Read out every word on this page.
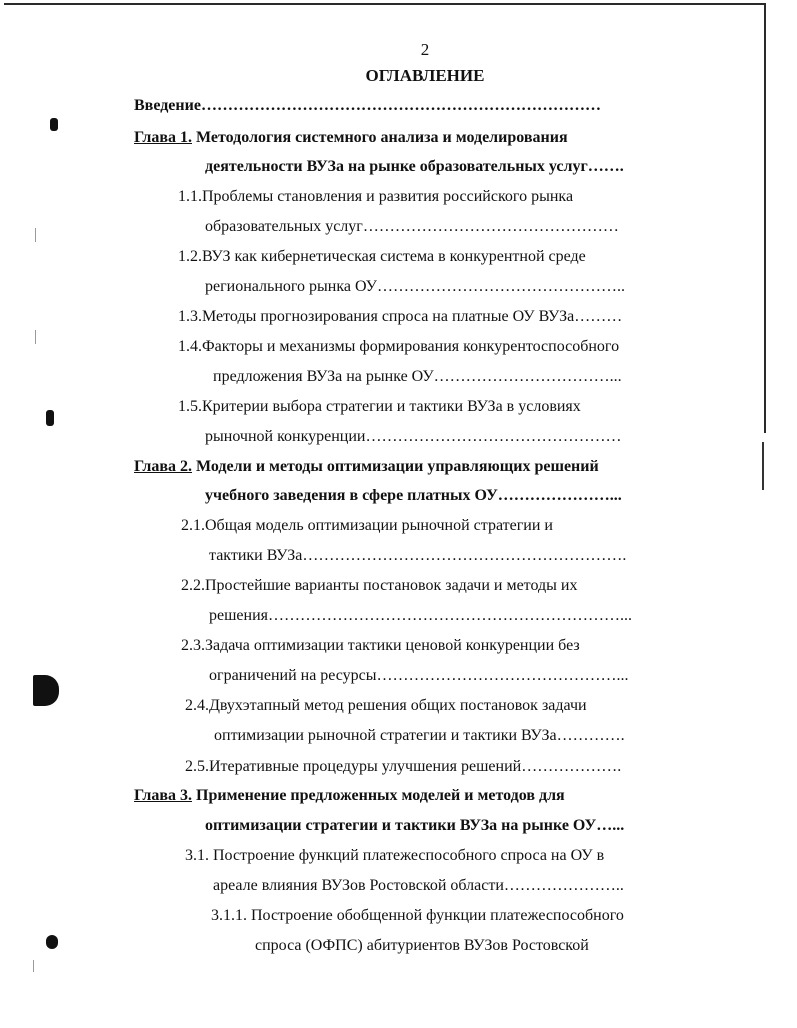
2
ОГЛАВЛЕНИЕ
Введение…………………………………………………………………
Глава 1. Методология системного анализа и моделирования
деятельности ВУЗа на рынке образовательных услуг…….
1.1.Проблемы становления и развития российского рынка
образовательных услуг…………………………………………
1.2.ВУЗ как кибернетическая система в конкурентной среде
регионального рынка ОУ………………………………………..
1.3.Методы прогнозирования спроса на платные ОУ ВУЗа………
1.4.Факторы и механизмы формирования конкурентоспособного
предложения ВУЗа на рынке ОУ……………………………...
1.5.Критерии выбора стратегии и тактики ВУЗа в условиях
рыночной конкуренции…………………………………………
Глава 2. Модели и методы оптимизации управляющих решений
учебного заведения в сфере платных ОУ…………………...
2.1.Общая модель оптимизации рыночной стратегии и
тактики ВУЗа…………………………………………………….
2.2.Простейшие варианты постановок задачи и методы их
решения…………………………………………………………...
2.3.Задача оптимизации тактики ценовой конкуренции без
ограничений на ресурсы………………………………………...
2.4.Двухэтапный метод решения общих постановок задачи
оптимизации рыночной стратегии и тактики ВУЗа………….
2.5.Итеративные процедуры улучшения решений……………….
Глава 3. Применение предложенных моделей и методов для
оптимизации стратегии и тактики ВУЗа на рынке ОУ…...
3.1. Построение функций платежеспособного спроса на ОУ в
ареале влияния ВУЗов Ростовской области…………………..
3.1.1. Построение обобщенной функции платежеспособного
спроса (ОФПС) абитуриентов ВУЗов Ростовской
